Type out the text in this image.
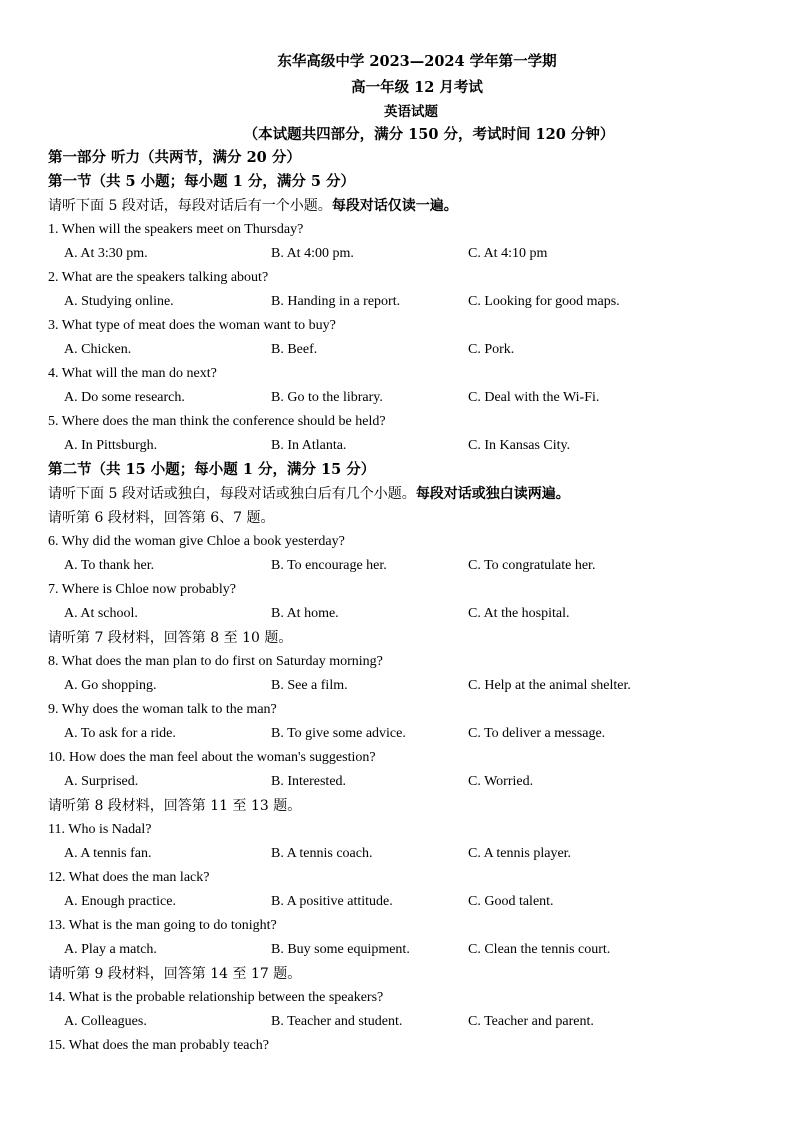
东华高级中学 2023—2024 学年第一学期
高一年级 12 月考试
英语试题
（本试题共四部分，满分 150 分，考试时间 120 分钟）
第一部分 听力（共两节，满分 20 分）
第一节（共 5 小题；每小题 1 分，满分 5 分）
请听下面 5 段对话，每段对话后有一个小题。每段对话仅读一遍。
1. When will the speakers meet on Thursday?
A. At 3:30 pm.	B. At 4:00 pm.	C. At 4:10 pm
2. What are the speakers talking about?
A. Studying online.	B. Handing in a report.	C. Looking for good maps.
3. What type of meat does the woman want to buy?
A. Chicken.	B. Beef.	C. Pork.
4. What will the man do next?
A. Do some research.	B. Go to the library.	C. Deal with the Wi-Fi.
5. Where does the man think the conference should be held?
A. In Pittsburgh.	B. In Atlanta.	C. In Kansas City.
第二节（共 15 小题；每小题 1 分，满分 15 分）
请听下面 5 段对话或独白，每段对话或独白后有几个小题。每段对话或独白读两遍。
请听第 6 段材料，回答第 6、7 题。
6. Why did the woman give Chloe a book yesterday?
A. To thank her.	B. To encourage her.	C. To congratulate her.
7. Where is Chloe now probably?
A. At school.	B. At home.	C. At the hospital.
请听第 7 段材料，回答第 8 至 10 题。
8. What does the man plan to do first on Saturday morning?
A. Go shopping.	B. See a film.	C. Help at the animal shelter.
9. Why does the woman talk to the man?
A. To ask for a ride.	B. To give some advice.	C. To deliver a message.
10. How does the man feel about the woman's suggestion?
A. Surprised.	B. Interested.	C. Worried.
请听第 8 段材料，回答第 11 至 13 题。
11. Who is Nadal?
A. A tennis fan.	B. A tennis coach.	C. A tennis player.
12. What does the man lack?
A. Enough practice.	B. A positive attitude.	C. Good talent.
13. What is the man going to do tonight?
A. Play a match.	B. Buy some equipment.	C. Clean the tennis court.
请听第 9 段材料，回答第 14 至 17 题。
14. What is the probable relationship between the speakers?
A. Colleagues.	B. Teacher and student.	C. Teacher and parent.
15. What does the man probably teach?
